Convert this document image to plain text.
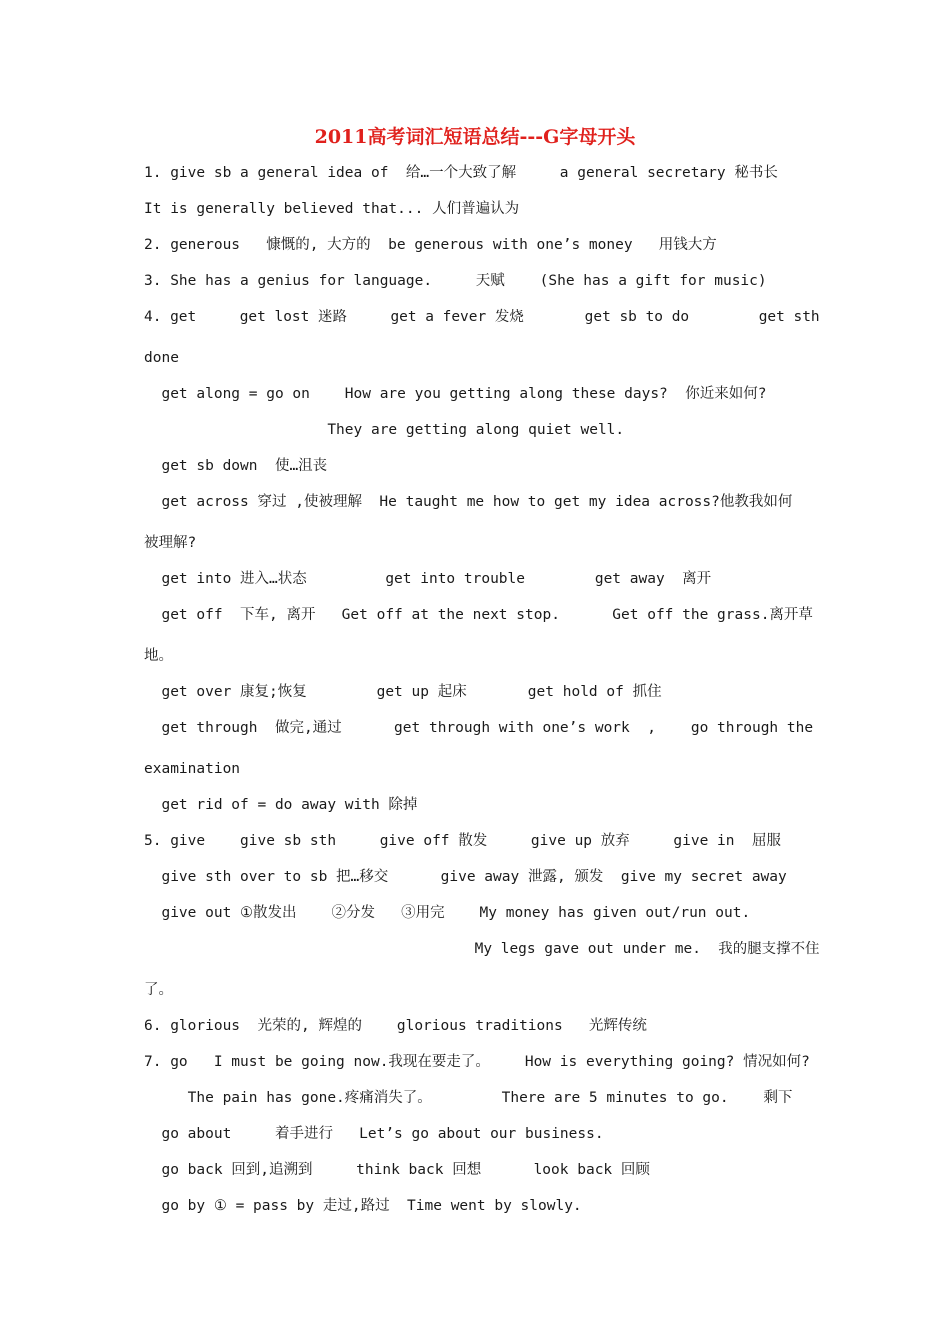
2011高考词汇短语总结---G字母开头

1. give sb a general idea of  给…一个大致了解     a general secretary 秘书长

It is generally believed that... 人们普遍认为

2. generous   慷慨的, 大方的  be generous with one’s money   用钱大方

3. She has a genius for language.     天赋    (She has a gift for music)

4. get     get lost 迷路     get a fever 发烧       get sb to do        get sth

done

get along = go on    How are you getting along these days?  你近来如何?

They are getting along quiet well.

get sb down  使…沮丧

get across 穿过 ,使被理解  He taught me how to get my idea across?他教我如何

被理解?

get into 进入…状态         get into trouble        get away  离开

get off  下车, 离开   Get off at the next stop.      Get off the grass.离开草

地。

get over 康复;恢复        get up 起床       get hold of 抓住

get through  做完,通过      get through with one’s work  ,    go through the

examination

get rid of = do away with 除掉

5. give    give sb sth     give off 散发     give up 放弃     give in  屈服

give sth over to sb 把…移交      give away 泄露, 颁发  give my secret away

give out ①散发出    ②分发   ③用完    My money has given out/run out.

My legs gave out under me.  我的腿支撑不住

了。

6. glorious  光荣的, 辉煌的    glorious traditions   光辉传统

7. go   I must be going now.我现在要走了。    How is everything going? 情况如何?

The pain has gone.疼痛消失了。        There are 5 minutes to go.    剩下

go about     着手进行   Let’s go about our business.

go back 回到,追溯到     think back 回想      look back 回顾

go by ① = pass by 走过,路过  Time went by slowly.
